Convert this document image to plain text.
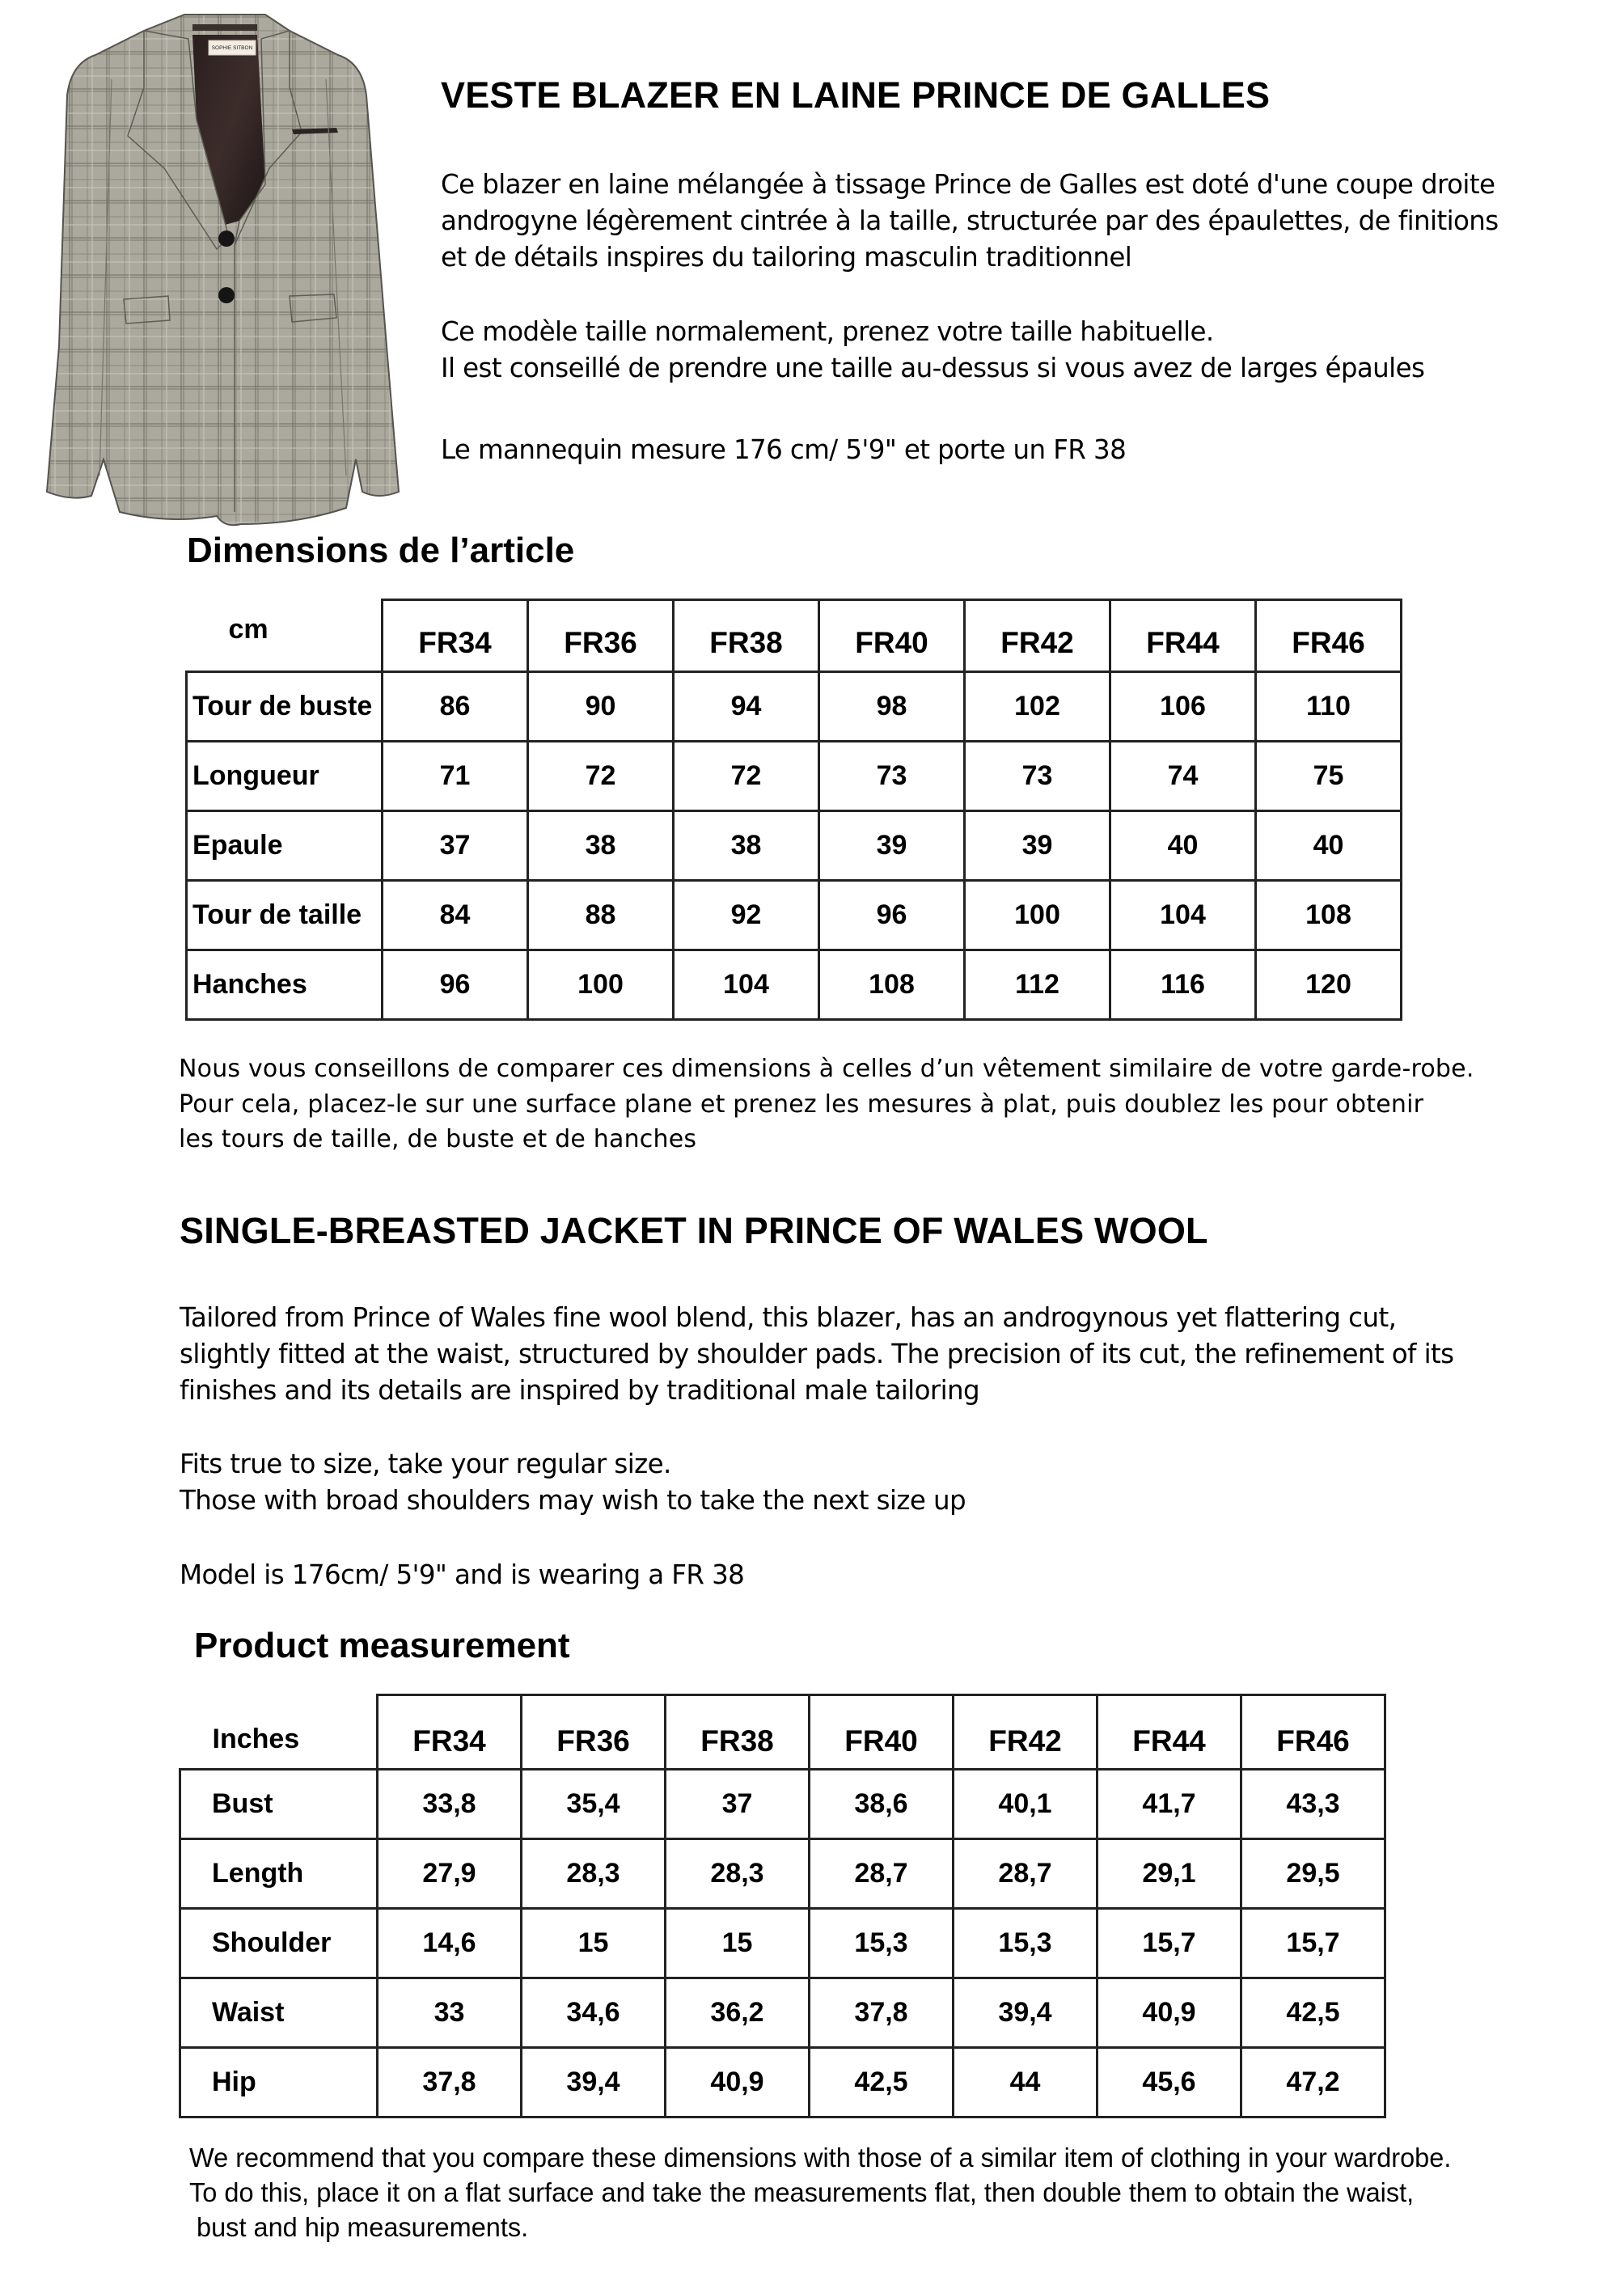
SOPHIE SITBON
VESTE BLAZER EN LAINE PRINCE DE GALLES
Ce blazer en laine mélangée à tissage Prince de Galles est doté d'une coupe droite
androgyne légèrement cintrée à la taille, structurée par des épaulettes, de finitions
et de détails inspires du tailoring masculin traditionnel
Ce modèle taille normalement, prenez votre taille habituelle.
Il est conseillé de prendre une taille au-dessus si vous avez de larges épaules
Le mannequin mesure 176 cm/ 5'9" et porte un FR 38
Dimensions de l’article
cm	FR34	FR36	FR38	FR40	FR42	FR44	FR46
Tour de buste	86	90	94	98	102	106	110
Longueur	71	72	72	73	73	74	75
Epaule	37	38	38	39	39	40	40
Tour de taille	84	88	92	96	100	104	108
Hanches	96	100	104	108	112	116	120
Nous vous conseillons de comparer ces dimensions à celles d’un vêtement similaire de votre garde-robe.
Pour cela, placez-le sur une surface plane et prenez les mesures à plat, puis doublez les pour obtenir
les tours de taille, de buste et de hanches
SINGLE-BREASTED JACKET IN PRINCE OF WALES WOOL
Tailored from Prince of Wales fine wool blend, this blazer, has an androgynous yet flattering cut,
slightly fitted at the waist, structured by shoulder pads. The precision of its cut, the refinement of its
finishes and its details are inspired by traditional male tailoring
Fits true to size, take your regular size.
Those with broad shoulders may wish to take the next size up
Model is 176cm/ 5'9" and is wearing a FR 38
Product measurement
Inches	FR34	FR36	FR38	FR40	FR42	FR44	FR46
Bust	33,8	35,4	37	38,6	40,1	41,7	43,3
Length	27,9	28,3	28,3	28,7	28,7	29,1	29,5
Shoulder	14,6	15	15	15,3	15,3	15,7	15,7
Waist	33	34,6	36,2	37,8	39,4	40,9	42,5
Hip	37,8	39,4	40,9	42,5	44	45,6	47,2
We recommend that you compare these dimensions with those of a similar item of clothing in your wardrobe.
To do this, place it on a flat surface and take the measurements flat, then double them to obtain the waist,
bust and hip measurements.
